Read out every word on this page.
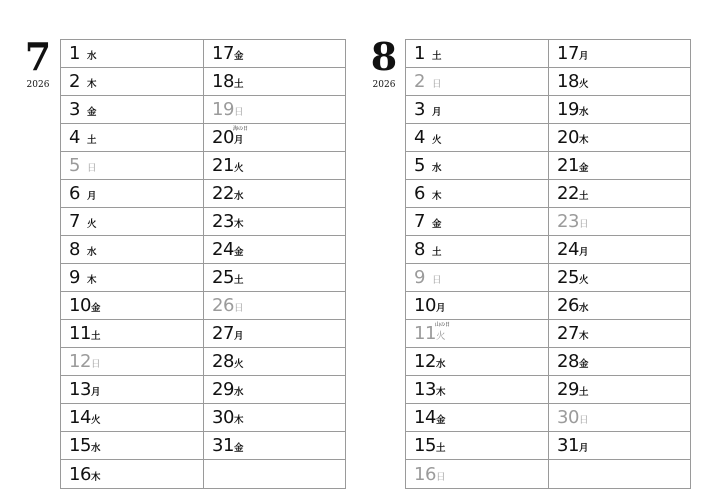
7
2026
1 水
2 木
3 金
4 土
5 日
6 月
7 火
8 水
9 木
10 金
11 土
12 日
13 月
14 火
15 水
16 木
17 金
18 土
19 日
20 月
海の日
21 火
22 水
23 木
24 金
25 土
26 日
27 月
28 火
29 水
30 木
31 金
8
2026
1 土
2 日
3 月
4 火
5 水
6 木
7 金
8 土
9 日
10 月
11 火
山の日
12 水
13 木
14 金
15 土
16 日
17 月
18 火
19 水
20 木
21 金
22 土
23 日
24 月
25 火
26 水
27 木
28 金
29 土
30 日
31 月
